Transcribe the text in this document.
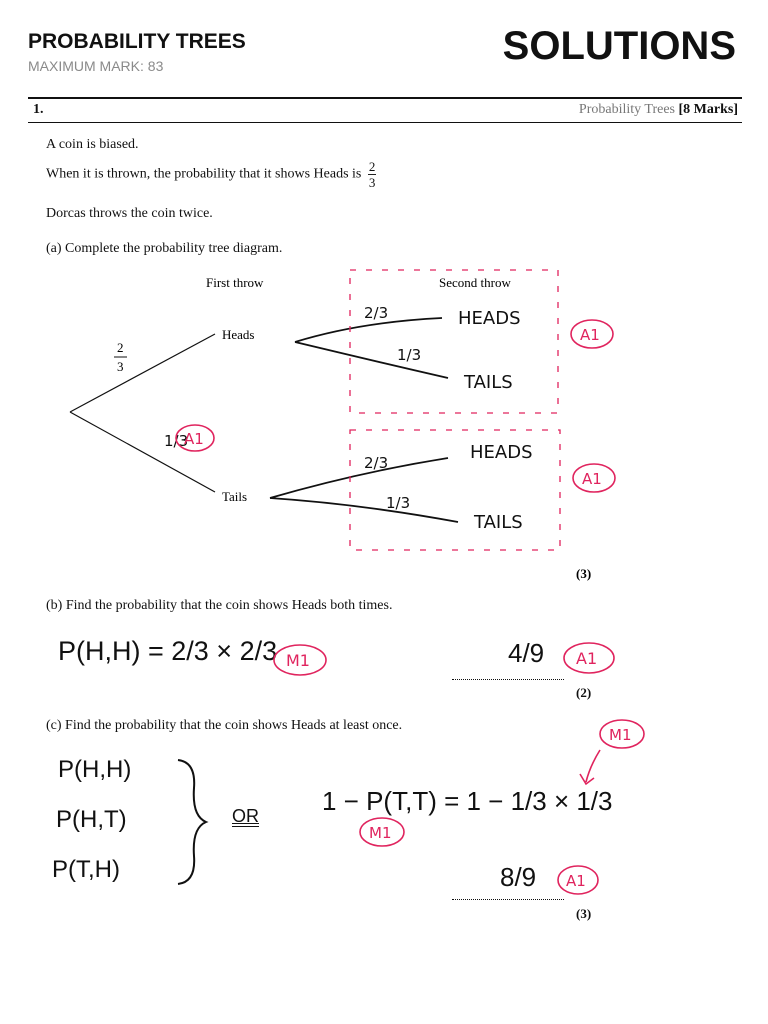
PROBABILITY TREES
MAXIMUM MARK: 83	SOLUTIONS
1.	Probability Trees [8 Marks]
A coin is biased.
When it is thrown, the probability that it shows Heads is $\frac{2}{3}$
Dorcas throws the coin twice.
(a) Complete the probability tree diagram.
First throw	Second throw
Heads
Tails
2
3
1/3
2/3
1/3
2/3
1/3
HEADS
TAILS
HEADS
TAILS
A1
A1
A1
(3)
(b) Find the probability that the coin shows Heads both times.
P(H,H) = 2/3 × 2/3 M1	4/9 A1
(2)
(c) Find the probability that the coin shows Heads at least once.
P(H,H)
P(H,T)
P(T,H)
OR 1 − P(T,T) = 1 − 1/3 × 1/3
M1
M1
8/9 A1
(3)
